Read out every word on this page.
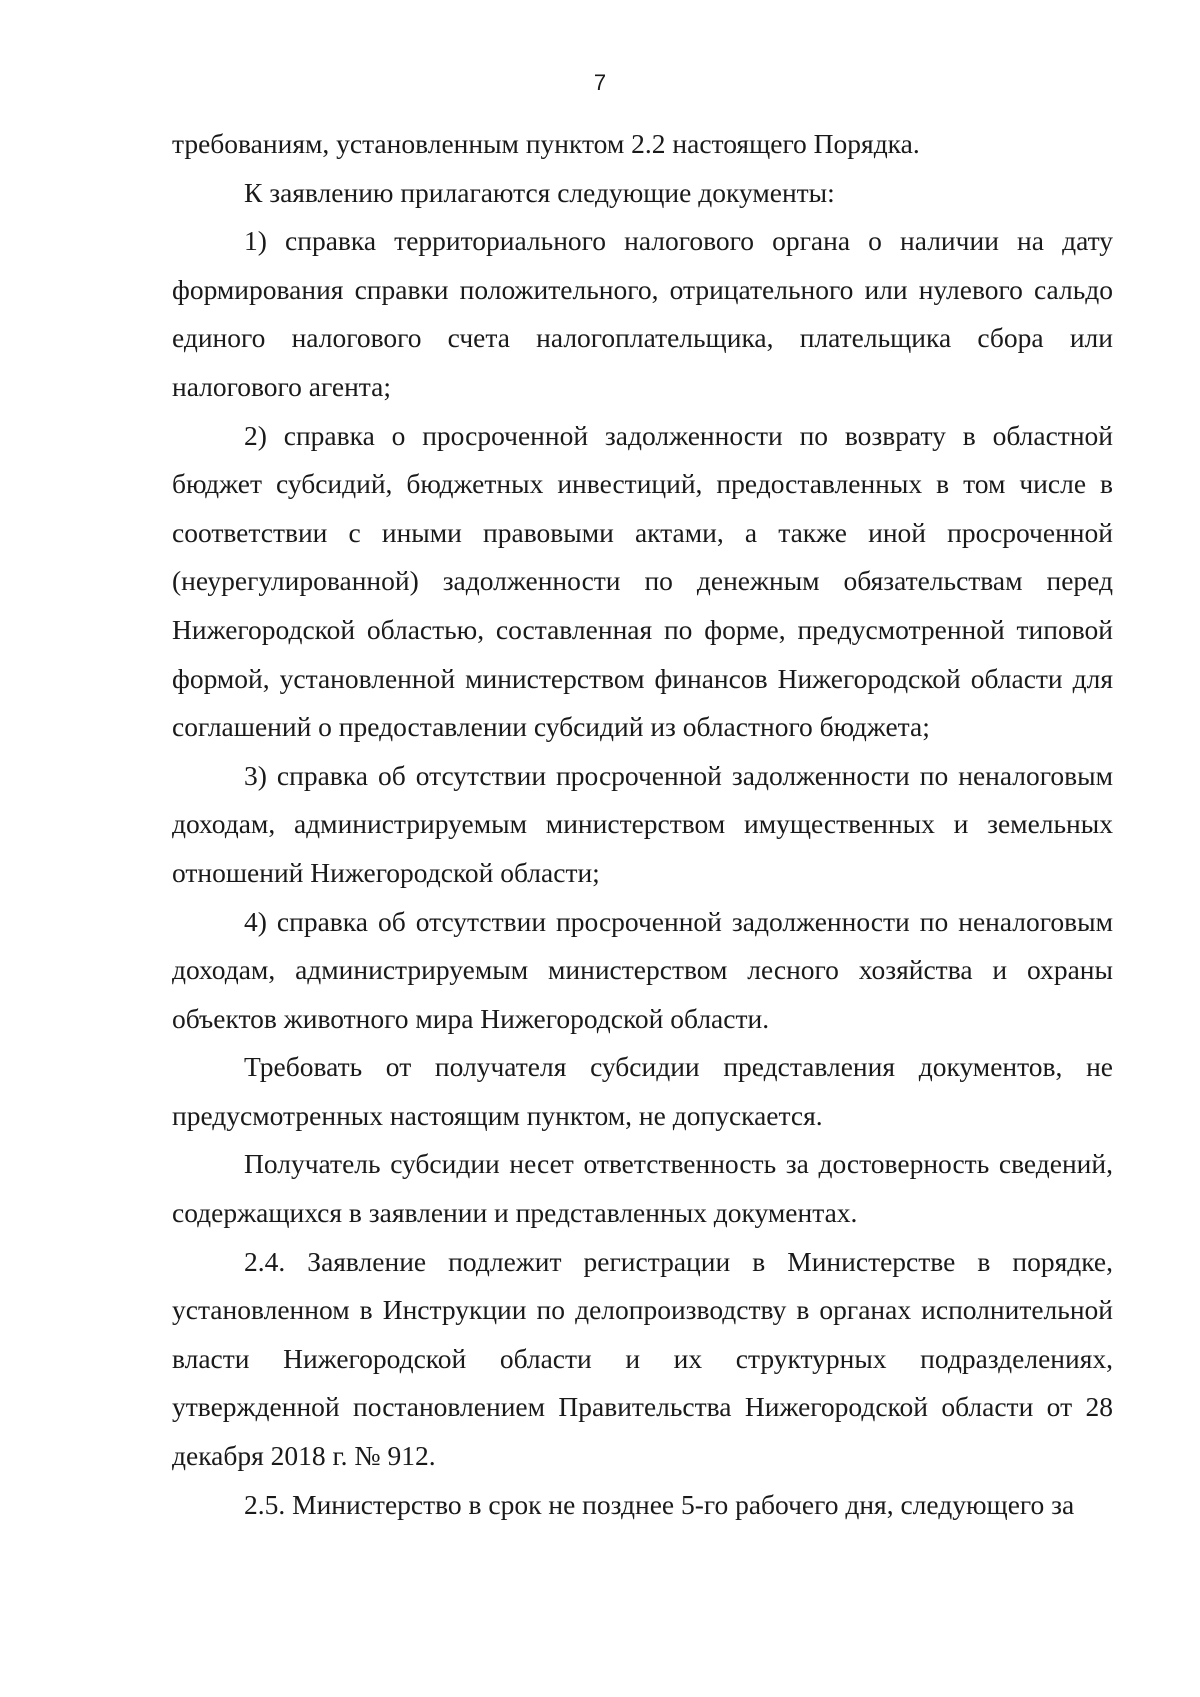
7

требованиям, установленным пунктом 2.2 настоящего Порядка.

К заявлению прилагаются следующие документы:

1) справка территориального налогового органа о наличии на дату формирования справки положительного, отрицательного или нулевого сальдо единого налогового счета налогоплательщика, плательщика сбора или налогового агента;

2) справка о просроченной задолженности по возврату в областной бюджет субсидий, бюджетных инвестиций, предоставленных в том числе в соответствии с иными правовыми актами, а также иной просроченной (неурегулированной) задолженности по денежным обязательствам перед Нижегородской областью, составленная по форме, предусмотренной типовой формой, установленной министерством финансов Нижегородской области для соглашений о предоставлении субсидий из областного бюджета;

3) справка об отсутствии просроченной задолженности по неналоговым доходам, администрируемым министерством имущественных и земельных отношений Нижегородской области;

4) справка об отсутствии просроченной задолженности по неналоговым доходам, администрируемым министерством лесного хозяйства и охраны объектов животного мира Нижегородской области.

Требовать от получателя субсидии представления документов, не предусмотренных настоящим пунктом, не допускается.

Получатель субсидии несет ответственность за достоверность сведений, содержащихся в заявлении и представленных документах.

2.4. Заявление подлежит регистрации в Министерстве в порядке, установленном в Инструкции по делопроизводству в органах исполнительной власти Нижегородской области и их структурных подразделениях, утвержденной постановлением Правительства Нижегородской области от 28 декабря 2018 г. № 912.

2.5. Министерство в срок не позднее 5-го рабочего дня, следующего за
